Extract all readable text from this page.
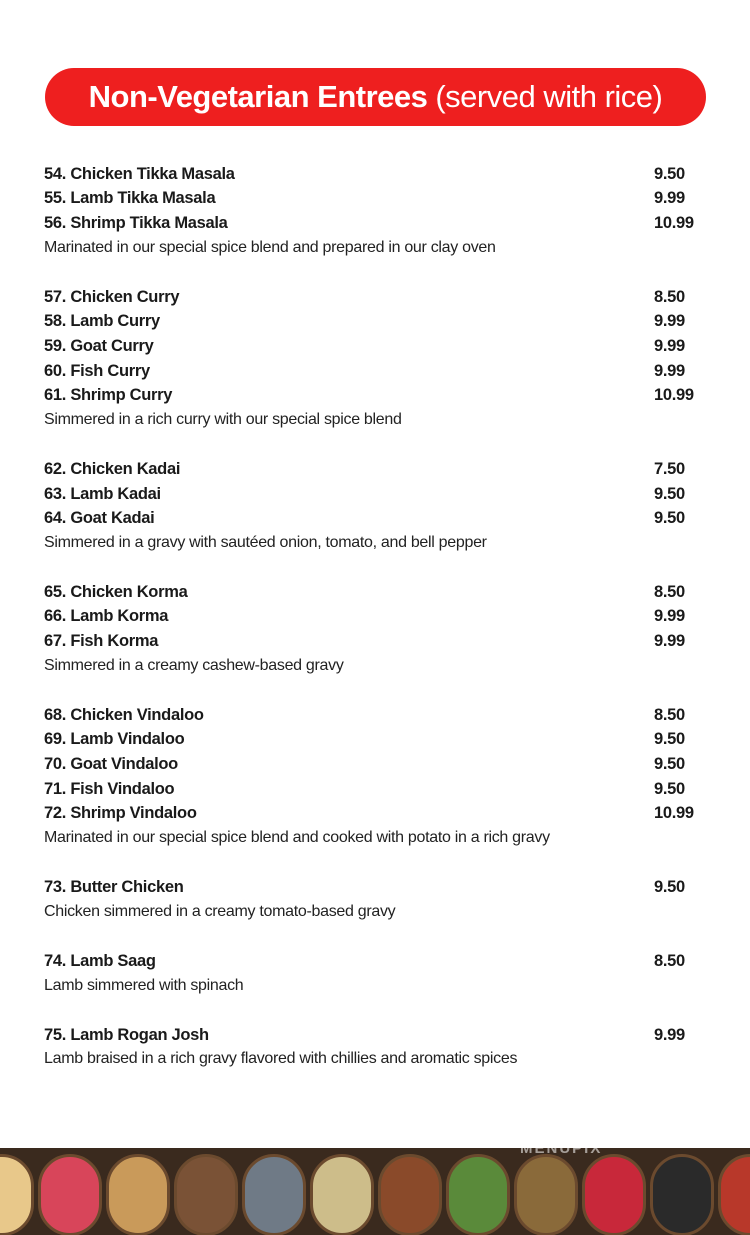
Non-Vegetarian Entrees (served with rice)
54. Chicken Tikka Masala	9.50
55. Lamb Tikka Masala	9.99
56. Shrimp Tikka Masala	10.99
Marinated in our special spice blend and prepared in our clay oven
57. Chicken Curry	8.50
58. Lamb Curry	9.99
59. Goat Curry	9.99
60. Fish Curry	9.99
61. Shrimp Curry	10.99
Simmered in a rich curry with our special spice blend
62. Chicken Kadai	7.50
63. Lamb Kadai	9.50
64. Goat Kadai	9.50
Simmered in a gravy with sautéed onion, tomato, and bell pepper
65. Chicken Korma	8.50
66. Lamb Korma	9.99
67. Fish Korma	9.99
Simmered in a creamy cashew-based gravy
68. Chicken Vindaloo	8.50
69. Lamb Vindaloo	9.50
70. Goat Vindaloo	9.50
71. Fish Vindaloo	9.50
72. Shrimp Vindaloo	10.99
Marinated in our special spice blend and cooked with potato in a rich gravy
73. Butter Chicken	9.50
Chicken simmered in a creamy tomato-based gravy
74. Lamb Saag	8.50
Lamb simmered with spinach
75. Lamb Rogan Josh	9.99
Lamb braised in a rich gravy flavored with chillies and aromatic spices
MENUPIX
